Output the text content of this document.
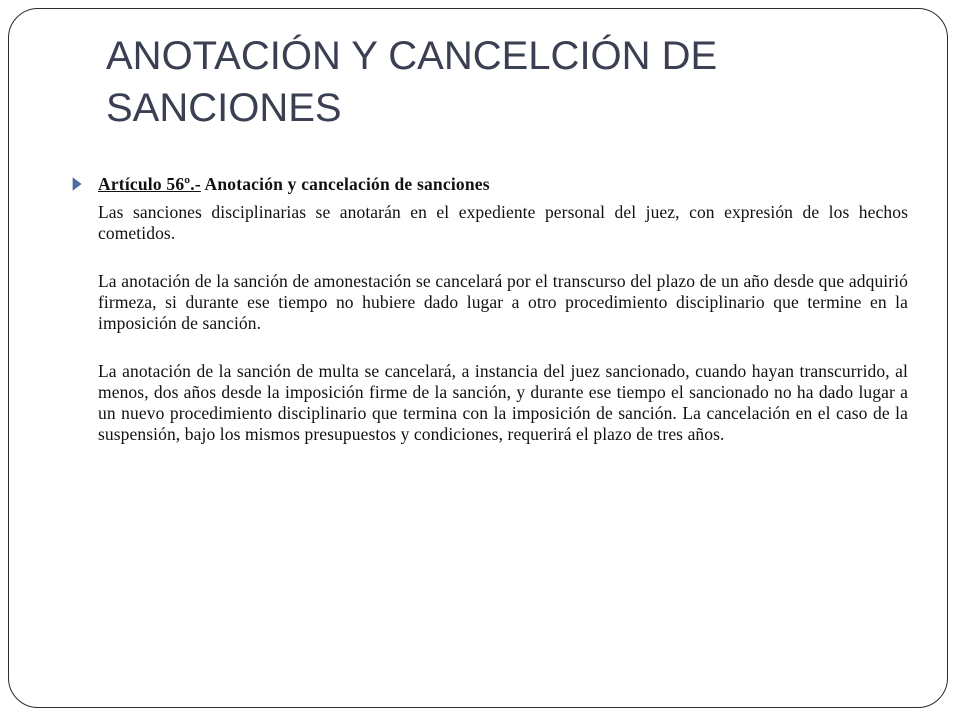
ANOTACIÓN Y CANCELCIÓN DE SANCIONES
Artículo 56º.- Anotación y cancelación de sanciones
Las sanciones disciplinarias se anotarán en el expediente personal del juez, con expresión de los hechos cometidos.
La anotación de la sanción de amonestación se cancelará por el transcurso del plazo de un año desde que adquirió firmeza, si durante ese tiempo no hubiere dado lugar a otro procedimiento disciplinario que termine en la imposición de sanción.
La anotación de la sanción de multa se cancelará, a instancia del juez sancionado, cuando hayan transcurrido, al menos, dos años desde la imposición firme de la sanción, y durante ese tiempo el sancionado no ha dado lugar a un nuevo procedimiento disciplinario que termina con la imposición de sanción. La cancelación en el caso de la suspensión, bajo los mismos presupuestos y condiciones, requerirá el plazo de tres años.
